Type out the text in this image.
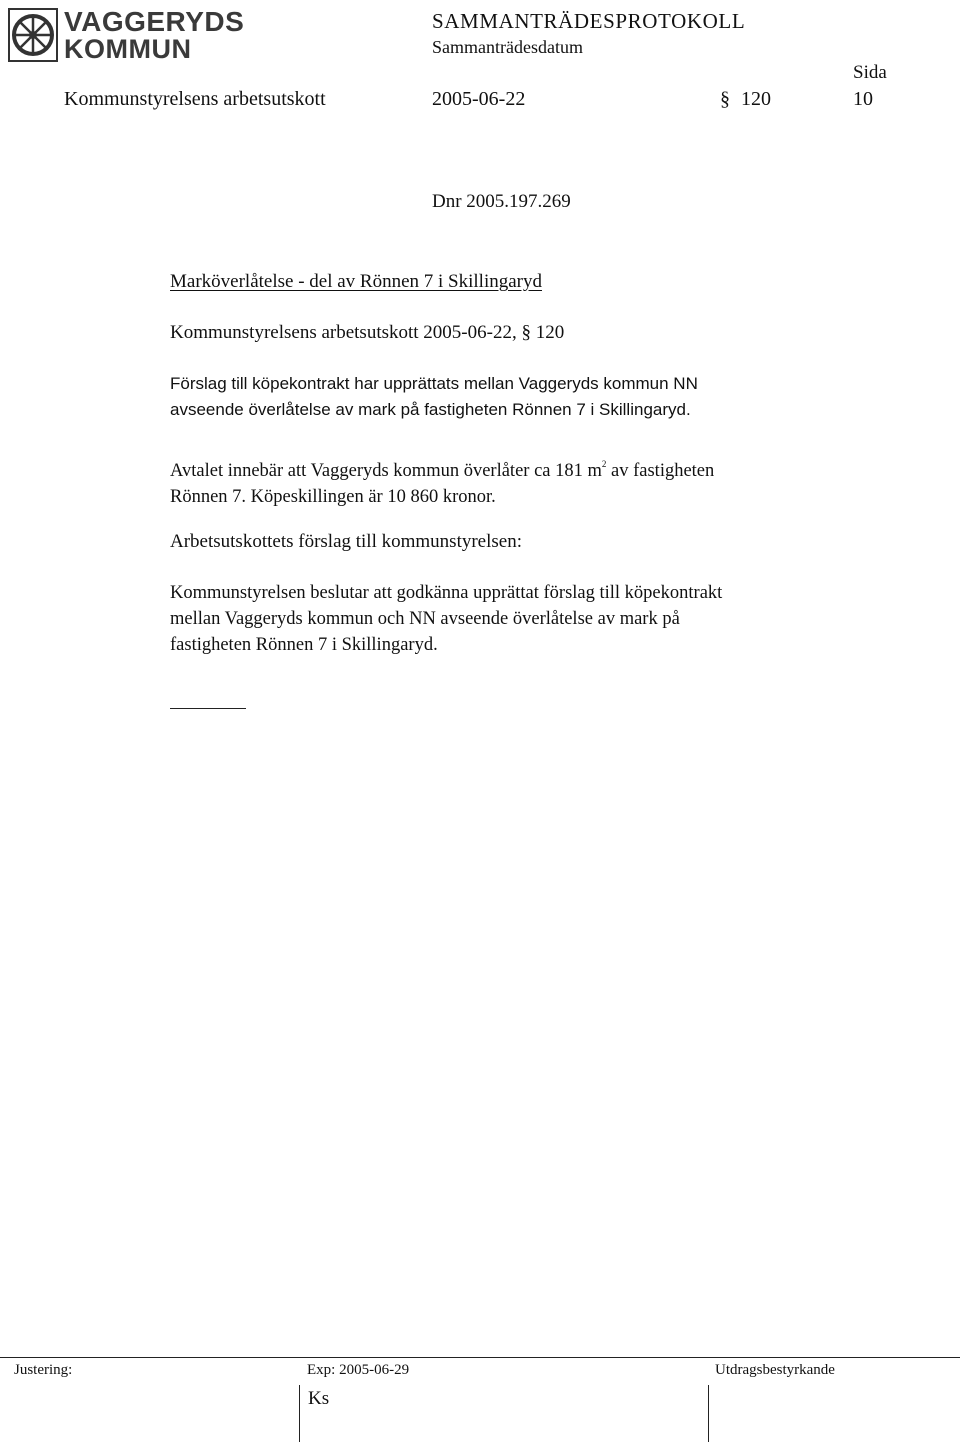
VAGGERYDS
KOMMUN
SAMMANTRÄDESPROTOKOLL
Sammanträdesdatum
Sida
Kommunstyrelsens arbetsutskott	2005-06-22	§ 120	10
Dnr 2005.197.269
Marköverlåtelse - del av Rönnen 7 i Skillingaryd
Kommunstyrelsens arbetsutskott 2005-06-22, § 120
Förslag till köpekontrakt har upprättats mellan Vaggeryds kommun NN
avseende överlåtelse av mark på fastigheten Rönnen 7 i Skillingaryd.
Avtalet innebär att Vaggeryds kommun överlåter ca 181 $m^2$ av fastigheten
Rönnen 7. Köpeskillingen är 10 860 kronor.
Arbetsutskottets förslag till kommunstyrelsen:
Kommunstyrelsen beslutar att godkänna upprättat förslag till köpekontrakt
mellan Vaggeryds kommun och NN avseende överlåtelse av mark på
fastigheten Rönnen 7 i Skillingaryd.
Justering:	Exp: 2005-06-29	Utdragsbestyrkande
Ks
